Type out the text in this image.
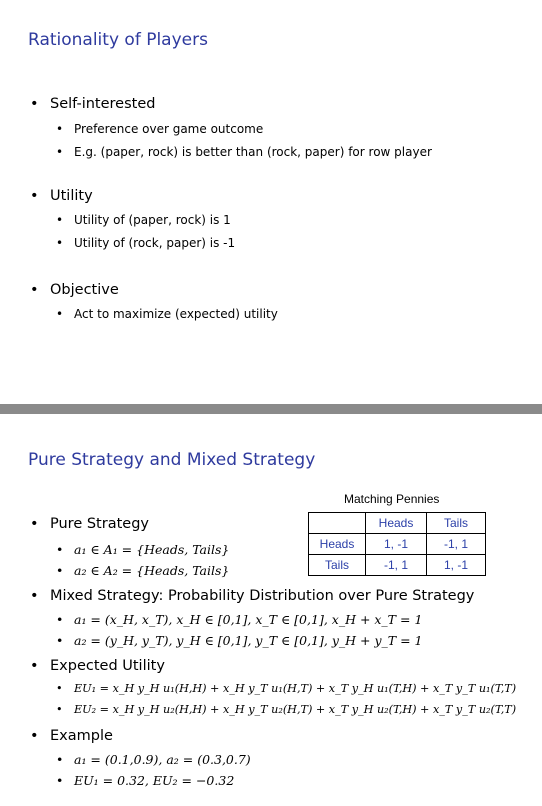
Rationality of Players
• Self-interested
• Preference over game outcome
• E.g. (paper, rock) is better than (rock, paper) for row player
• Utility
• Utility of (paper, rock) is 1
• Utility of (rock, paper) is -1
• Objective
• Act to maximize (expected) utility
Pure Strategy and Mixed Strategy
Matching Pennies
	Heads	Tails
Heads	1, -1	-1, 1
Tails	-1, 1	1, -1
• Pure Strategy
• a₁ ∈ A₁ = {Heads, Tails}
• a₂ ∈ A₂ = {Heads, Tails}
• Mixed Strategy: Probability Distribution over Pure Strategy
• a₁ = (x_H, x_T), x_H ∈ [0,1], x_T ∈ [0,1], x_H + x_T = 1
• a₂ = (y_H, y_T), y_H ∈ [0,1], y_T ∈ [0,1], y_H + y_T = 1
• Expected Utility
• EU₁ = x_H y_H u₁(H,H) + x_H y_T u₁(H,T) + x_T y_H u₁(T,H) + x_T y_T u₁(T,T)
• EU₂ = x_H y_H u₂(H,H) + x_H y_T u₂(H,T) + x_T y_H u₂(T,H) + x_T y_T u₂(T,T)
• Example
• a₁ = (0.1,0.9), a₂ = (0.3,0.7)
• EU₁ = 0.32, EU₂ = −0.32
